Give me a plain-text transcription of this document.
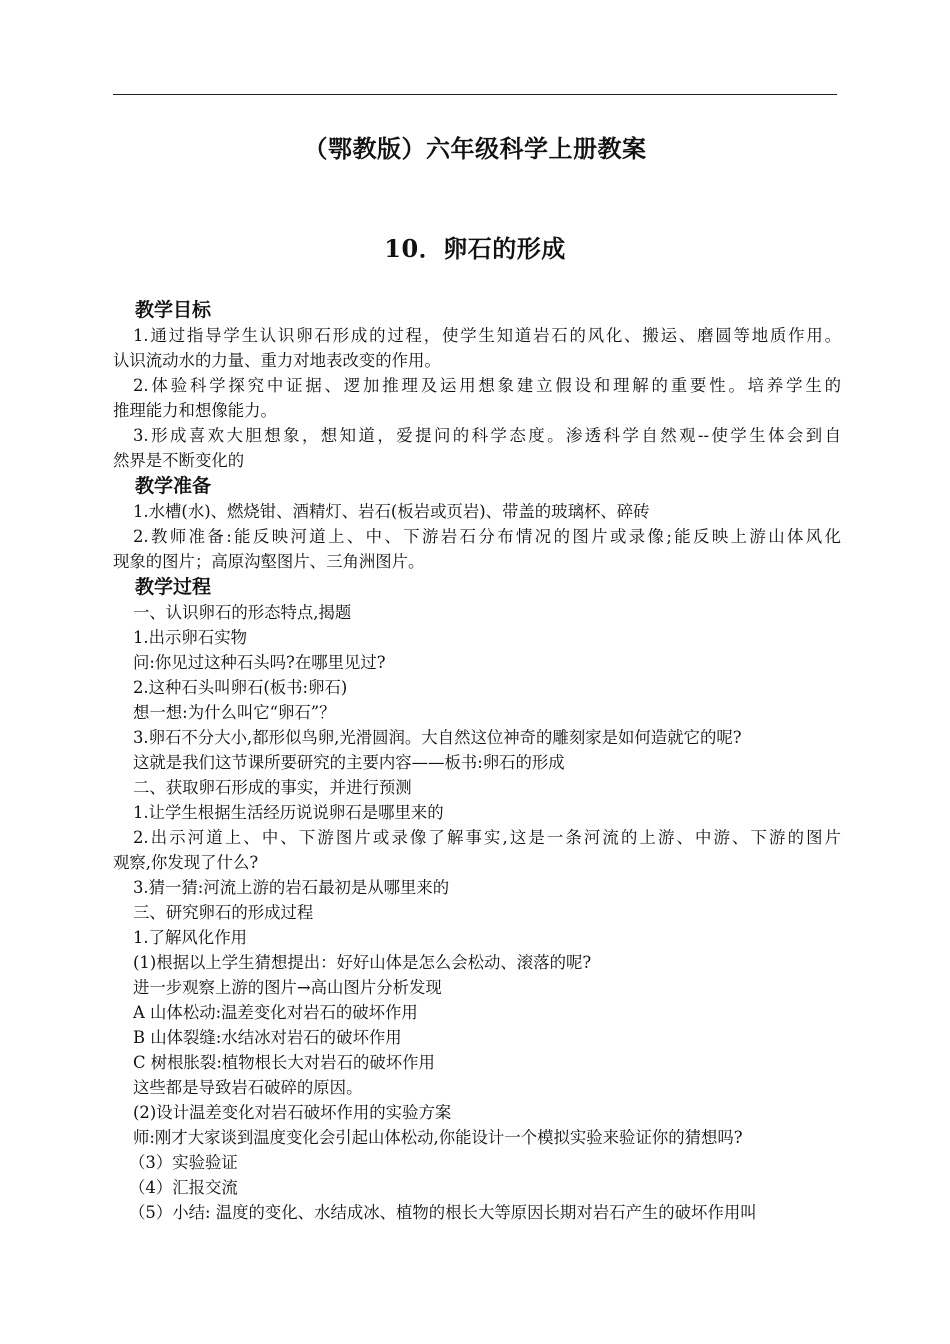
（鄂教版）六年级科学上册教案
10．卵石的形成

教学目标

1.通过指导学生认识卵石形成的过程，使学生知道岩石的风化、搬运、磨圆等地质作用。

认识流动水的力量、重力对地表改变的作用。

2.体验科学探究中证据、逻加推理及运用想象建立假设和理解的重要性。培养学生的

推理能力和想像能力。

3.形成喜欢大胆想象，想知道，爱提问的科学态度。渗透科学自然观--使学生体会到自

然界是不断变化的

教学准备

1.水槽(水)、燃烧钳、酒精灯、岩石(板岩或页岩)、带盖的玻璃杯、碎砖

2.教师准备:能反映河道上、中、下游岩石分布情况的图片或录像;能反映上游山体风化

现象的图片；高原沟壑图片、三角洲图片。

教学过程

一、认识卵石的形态特点,揭题

1.出示卵石实物

问:你见过这种石头吗?在哪里见过?

2.这种石头叫卵石(板书:卵石)

想一想:为什么叫它“卵石”？

3.卵石不分大小,都形似鸟卵,光滑圆润。大自然这位神奇的雕刻家是如何造就它的呢?

这就是我们这节课所要研究的主要内容——板书:卵石的形成

二、获取卵石形成的事实，并进行预测

1.让学生根据生活经历说说卵石是哪里来的

2.出示河道上、中、下游图片或录像了解事实,这是一条河流的上游、中游、下游的图片

观察,你发现了什么?

3.猜一猜:河流上游的岩石最初是从哪里来的

三、研究卵石的形成过程

1.了解风化作用

(1)根据以上学生猜想提出：好好山体是怎么会松动、滚落的呢?

进一步观察上游的图片→高山图片分析发现

A 山体松动:温差变化对岩石的破坏作用

B 山体裂缝:水结冰对岩石的破坏作用

C 树根胀裂:植物根长大对岩石的破坏作用

这些都是导致岩石破碎的原因。

(2)设计温差变化对岩石破坏作用的实验方案

师:刚才大家谈到温度变化会引起山体松动,你能设计一个模拟实验来验证你的猜想吗?

（3）实验验证

（4）汇报交流

（5）小结: 温度的变化、水结成冰、植物的根长大等原因长期对岩石产生的破坏作用叫
